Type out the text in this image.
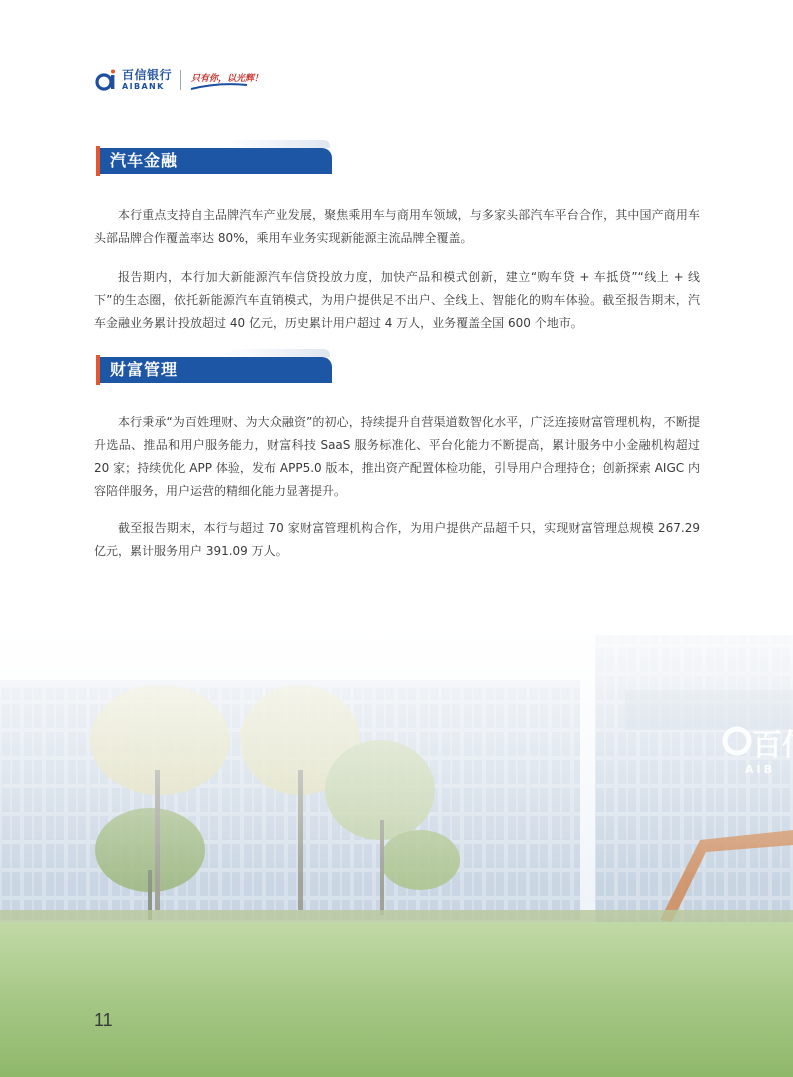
百信银行
AIBANK
只有你，以光辉！
汽车金融

本行重点支持自主品牌汽车产业发展，聚焦乘用车与商用车领域，与多家头部汽车平台合作，其中国产商用车头部品牌合作覆盖率达 80%，乘用车业务实现新能源主流品牌全覆盖。

报告期内，本行加大新能源汽车信贷投放力度，加快产品和模式创新，建立“购车贷 + 车抵贷”“线上 + 线下”的生态圈，依托新能源汽车直销模式，为用户提供足不出户、全线上、智能化的购车体验。截至报告期末，汽车金融业务累计投放超过 40 亿元，历史累计用户超过 4 万人，业务覆盖全国 600 个地市。

财富管理

本行秉承“为百姓理财、为大众融资”的初心，持续提升自营渠道数智化水平，广泛连接财富管理机构，不断提升选品、推品和用户服务能力，财富科技 SaaS 服务标准化、平台化能力不断提高，累计服务中小金融机构超过 20 家；持续优化 APP 体验，发布 APP5.0 版本，推出资产配置体检功能，引导用户合理持仓；创新探索 AIGC 内容陪伴服务，用户运营的精细化能力显著提升。

截至报告期末，本行与超过 70 家财富管理机构合作，为用户提供产品超千只，实现财富管理总规模 267.29 亿元，累计服务用户 391.09 万人。

11
